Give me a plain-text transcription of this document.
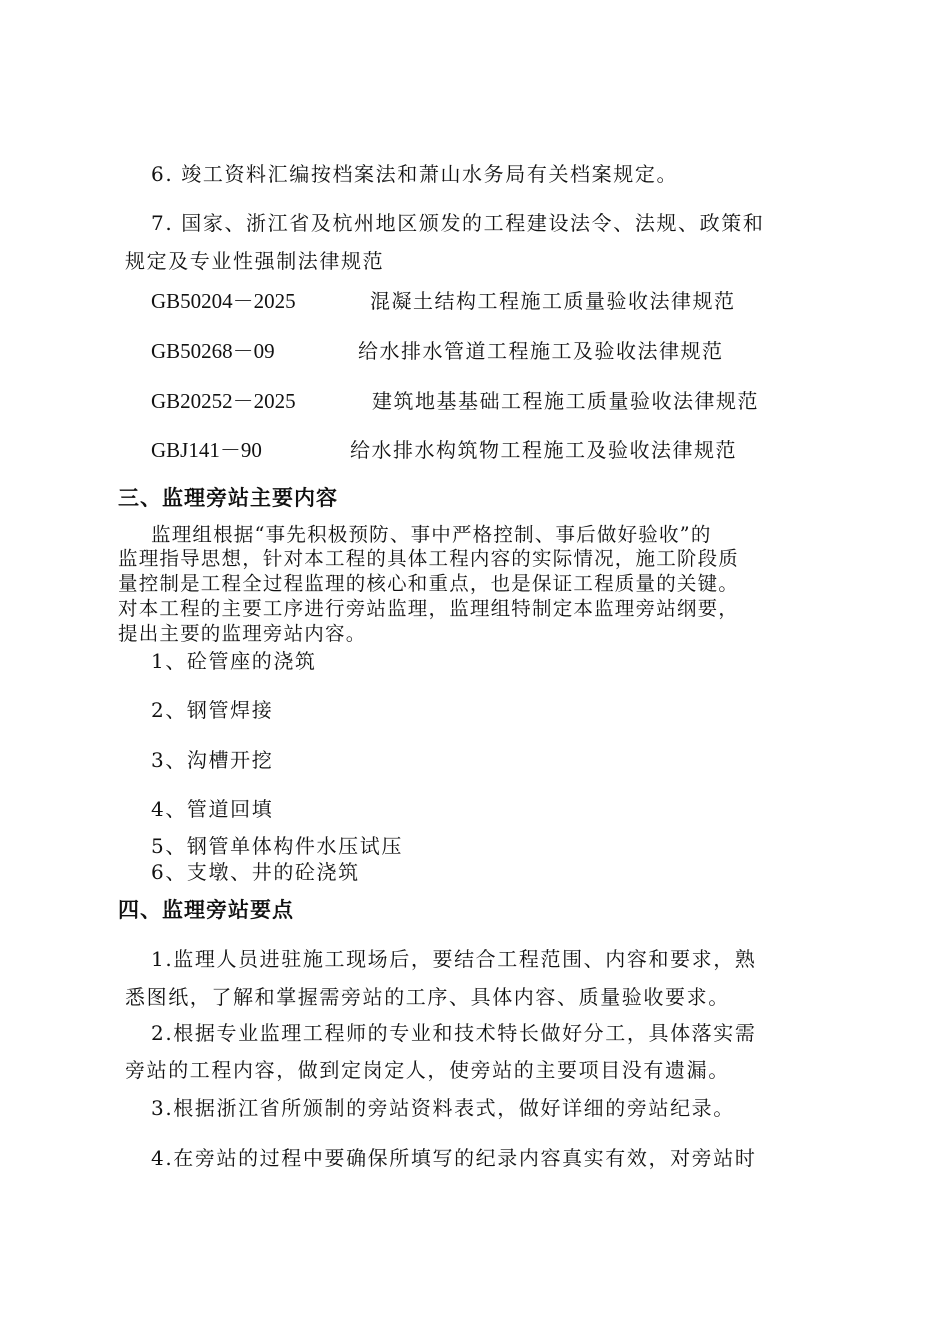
6. 竣工资料汇编按档案法和萧山水务局有关档案规定。
7. 国家、浙江省及杭州地区颁发的工程建设法令、法规、政策和
规定及专业性强制法律规范
GB50204－2025	混凝土结构工程施工质量验收法律规范
GB50268－09	给水排水管道工程施工及验收法律规范
GB20252－2025	建筑地基基础工程施工质量验收法律规范
GBJ141－90	给水排水构筑物工程施工及验收法律规范
三、监理旁站主要内容
监理组根据“事先积极预防、事中严格控制、事后做好验收”的
监理指导思想，针对本工程的具体工程内容的实际情况，施工阶段质
量控制是工程全过程监理的核心和重点，也是保证工程质量的关键。
对本工程的主要工序进行旁站监理，监理组特制定本监理旁站纲要，
提出主要的监理旁站内容。
1、砼管座的浇筑
2、钢管焊接
3、沟槽开挖
4、管道回填
5、钢管单体构件水压试压
6、支墩、井的砼浇筑
四、监理旁站要点
1.监理人员进驻施工现场后，要结合工程范围、内容和要求，熟
悉图纸，了解和掌握需旁站的工序、具体内容、质量验收要求。
2.根据专业监理工程师的专业和技术特长做好分工，具体落实需
旁站的工程内容，做到定岗定人，使旁站的主要项目没有遗漏。
3.根据浙江省所颁制的旁站资料表式，做好详细的旁站纪录。
4.在旁站的过程中要确保所填写的纪录内容真实有效，对旁站时
